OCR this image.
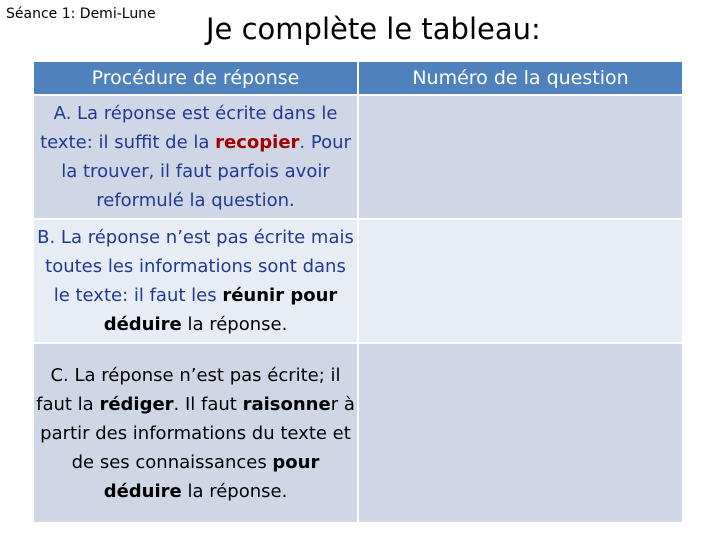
Séance 1: Demi-Lune Je complète le tableau:
Procédure de réponse	Numéro de la question
A. La réponse est écrite dans le texte: il suffit de la recopier. Pour la trouver, il faut parfois avoir reformulé la question.	
B. La réponse n’est pas écrite mais toutes les informations sont dans le texte: il faut les réunir pour déduire la réponse.	
C. La réponse n’est pas écrite; il faut la rédiger. Il faut raisonner à partir des informations du texte et de ses connaissances pour déduire la réponse.	
